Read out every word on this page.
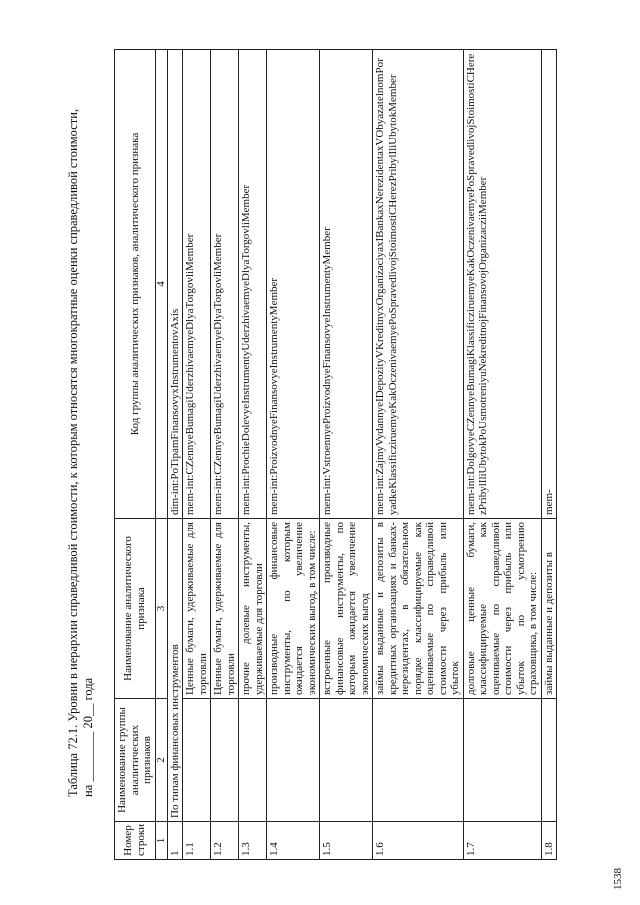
1538
Таблица 72.1. Уровни в иерархии справедливой стоимости, к которым относятся многократные оценки справедливой стоимости, на ________ 20__ года
Номер строки	Наименование группы аналитических признаков	Наименование аналитического признака	Код группы аналитических признаков, аналитического признака
1	2	3	4
1	По типам финансовых инструментов		dim-int:PoTipamFinansovyxInstrumentovAxis
1.1		Ценные бумаги, удерживаемые для торговли	mem-int:CZennyeBumagiUderzhivaemyeDlyaTorgovliMember
1.2		Ценные бумаги, удерживаемые для торговли	mem-int:CZennyeBumagiUderzhivaemyeDlyaTorgovliMember
1.3		прочие долевые инструменты, удерживаемые для торговли	mem-int:ProchieDolevyeInstrumentyUderzhivaemyeDlyaTorgovliMember
1.4		производные финансовые инструменты, по которым ожидается увеличение экономических выгод, в том числе:	mem-int:ProizvodnyeFinansovyeInstrumentyMember
1.5		встроенные производные финансовые инструменты, по которым ожидается увеличение экономических выгод	mem-int:VstroennyeProizvodnyeFinansovyeInstrumentyMember
1.6		займы выданные и депозиты в кредитных организациях и банках-нерезидентах, в обязательном порядке классифицируемые как оцениваемые по справедливой стоимости через прибыль или убыток	mem-int:ZajmyVydannyeIDepozityVKreditnyxOrganizaciyaxIBankaxNerezidentaxVObyazatelnomPoryadkeKlassificziruemyeKakOczenivaemyePoSpravedlivojStoimostiCHerezPribylIliUbytokMember
1.7		долговые ценные бумаги, классифицируемые как оцениваемые по справедливой стоимости через прибыль или убыток по усмотрению страховщика, в том числе:	mem-int:DolgovyeCZennyeBumagiKlassificziruemyeKakOczenivaemyePoSpravedlivojStoimostiCHerezPribylIliUbytokPoUsmotreniyuNekreditnojFinansovojOrganizacziiMember
1.8		займы выданные и депозиты в	mem-
